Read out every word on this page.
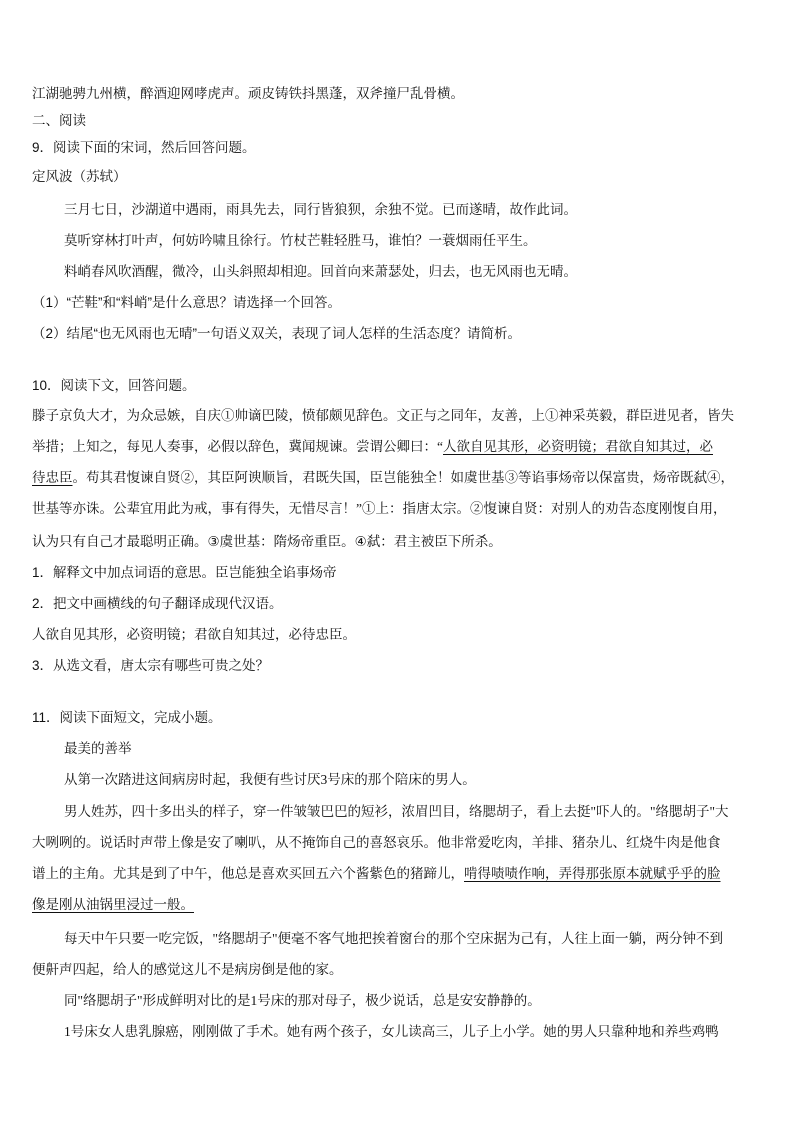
江湖驰骋九州横，醉酒迎网哮虎声。顽皮铸铁抖黑蓬，双斧撞尸乱骨横。
二、阅读
9．阅读下面的宋词，然后回答问题。
定风波（苏轼）
三月七日，沙湖道中遇雨，雨具先去，同行皆狼狈，余独不觉。已而遂晴，故作此词。
莫听穿林打叶声，何妨吟啸且徐行。竹杖芒鞋轻胜马，谁怕？一蓑烟雨任平生。
料峭春风吹酒醒，微冷，山头斜照却相迎。回首向来萧瑟处，归去，也无风雨也无晴。
（1）“芒鞋”和“料峭”是什么意思？请选择一个回答。
（2）结尾“也无风雨也无晴”一句语义双关，表现了词人怎样的生活态度？请简析。
10．阅读下文，回答问题。
滕子京负大才，为众忌嫉，自庆①帅谪巴陵，愤郁颇见辞色。文正与之同年，友善，上①神采英毅，群臣进见者，皆失
举措；上知之，每见人奏事，必假以辞色，冀闻规谏。尝谓公卿曰：“人欲自见其形，必资明镜；君欲自知其过，必
待忠臣。苟其君愎谏自贤②，其臣阿谀顺旨，君既失国，臣岂能独全！如虞世基③等谄事炀帝以保富贵，炀帝既弑④，
世基等亦诛。公辈宜用此为戒，事有得失，无惜尽言！”①上：指唐太宗。②愎谏自贤：对别人的劝告态度刚愎自用，
认为只有自己才最聪明正确。③虞世基：隋炀帝重臣。④弑：君主被臣下所杀。
1．解释文中加点词语的意思。臣岂能独全谄事炀帝
2．把文中画横线的句子翻译成现代汉语。
人欲自见其形，必资明镜；君欲自知其过，必待忠臣。
3．从选文看，唐太宗有哪些可贵之处？
11．阅读下面短文，完成小题。
最美的善举
从第一次踏进这间病房时起，我便有些讨厌3号床的那个陪床的男人。
男人姓苏，四十多出头的样子，穿一件皱皱巴巴的短衫，浓眉凹目，络腮胡子，看上去挺"吓人的。"络腮胡子"大
大咧咧的。说话时声带上像是安了喇叭，从不掩饰自己的喜怒哀乐。他非常爱吃肉，羊排、猪杂儿、红烧牛肉是他食
谱上的主角。尤其是到了中午，他总是喜欢买回五六个酱紫色的猪蹄儿，啃得啧啧作响，弄得那张原本就赋乎乎的脸
像是刚从油锅里浸过一般。
每天中午只要一吃完饭，"络腮胡子"便毫不客气地把挨着窗台的那个空床据为己有，人往上面一躺，两分钟不到
便鼾声四起，给人的感觉这儿不是病房倒是他的家。
同"络腮胡子"形成鲜明对比的是1号床的那对母子，极少说话，总是安安静静的。
1号床女人患乳腺癌，刚刚做了手术。她有两个孩子，女儿读高三，儿子上小学。她的男人只靠种地和养些鸡鸭
